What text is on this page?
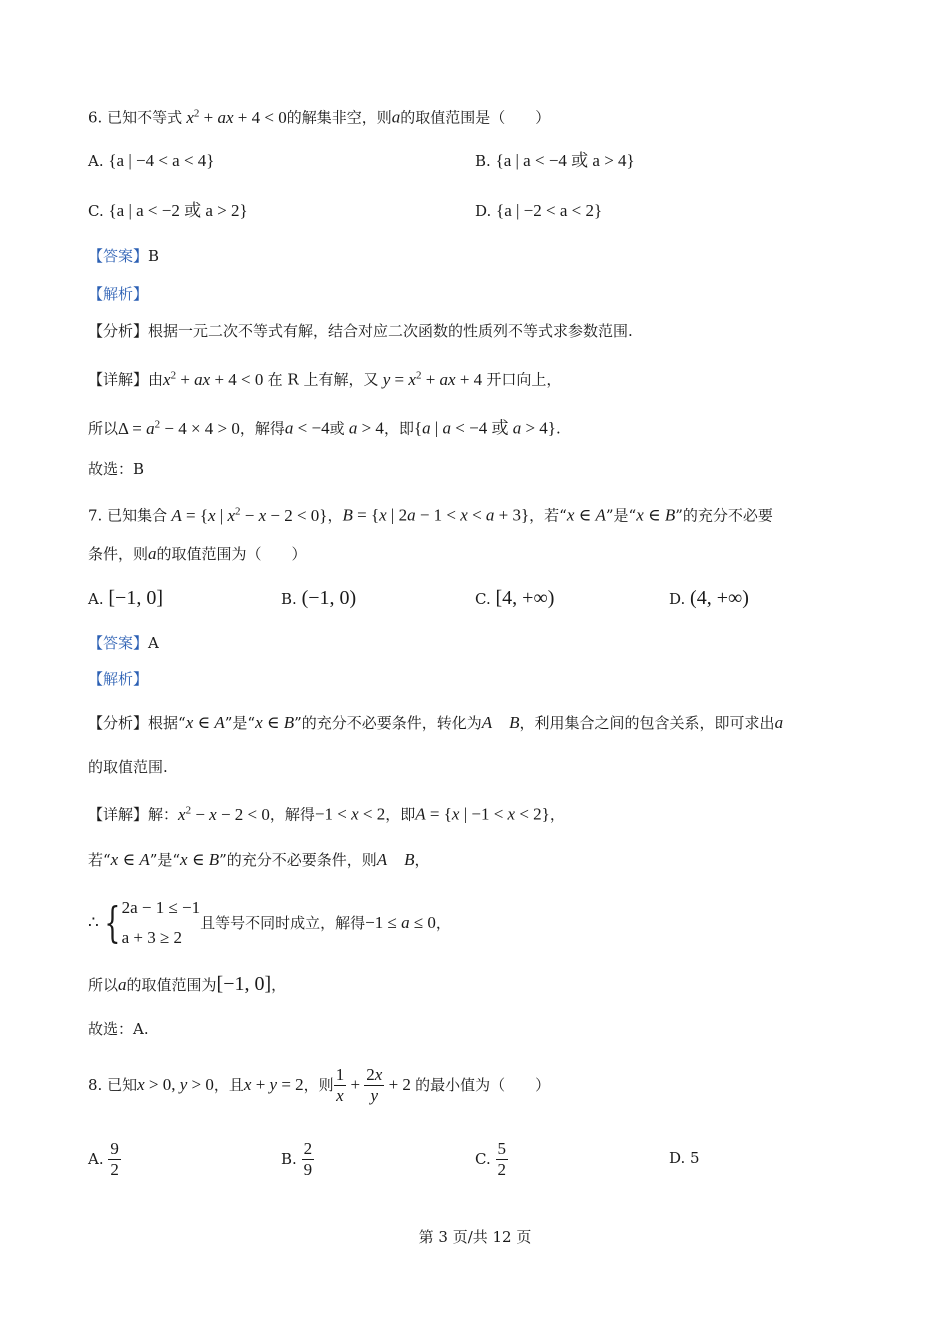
6. 已知不等式 $x^2$ + ax + 4 < 0的解集非空，则a的取值范围是（　　）
A. {a | −4 < a < 4}	B. {a | a < −4 或 a > 4}
C. {a | a < −2 或 a > 2}	D. {a | −2 < a < 2}
【答案】B
【解析】
【分析】根据一元二次不等式有解，结合对应二次函数的性质列不等式求参数范围.
【详解】由$x^2$ + ax + 4 < 0 在 R 上有解，又 $y = x^2$ + ax + 4 开口向上，
所以$\Delta = a^2 - 4 \times 4 > 0$，解得a < −4或 a > 4，即{a | a < −4 或 a > 4}.
故选：B
7. 已知集合 A = {x | $x^2 - x - 2 < 0$}，B = {x | 2a − 1 < x < a + 3}，若“x ∈ A”是“x ∈ B”的充分不必要
条件，则a的取值范围为（　　）
A. [−1, 0]	B. (−1, 0)	C. [4, +∞)	D. (4, +∞)
【答案】A
【解析】
【分析】根据“x ∈ A”是“x ∈ B”的充分不必要条件，转化为A　 B，利用集合之间的包含关系，即可求出a
的取值范围.
【详解】解：$x^2 - x - 2 < 0$，解得−1 < x < 2，即A = {x | −1 < x < 2}，
若“x ∈ A”是“x ∈ B”的充分不必要条件，则A　 B，
∴ { 2a − 1 ≤ −1
a + 3 ≥ 2
且等号不同时成立，解得−1 ≤ a ≤ 0，
所以a的取值范围为[−1, 0]，
故选：A.
8. 已知x > 0, y > 0，且x + y = 2，则 $\frac{1}{x} + \frac{2x}{y} + 2$ 的最小值为（　　）
A. $\frac{9}{2}$	B. $\frac{2}{9}$	C. $\frac{5}{2}$	D. 5
第 3 页/共 12 页
